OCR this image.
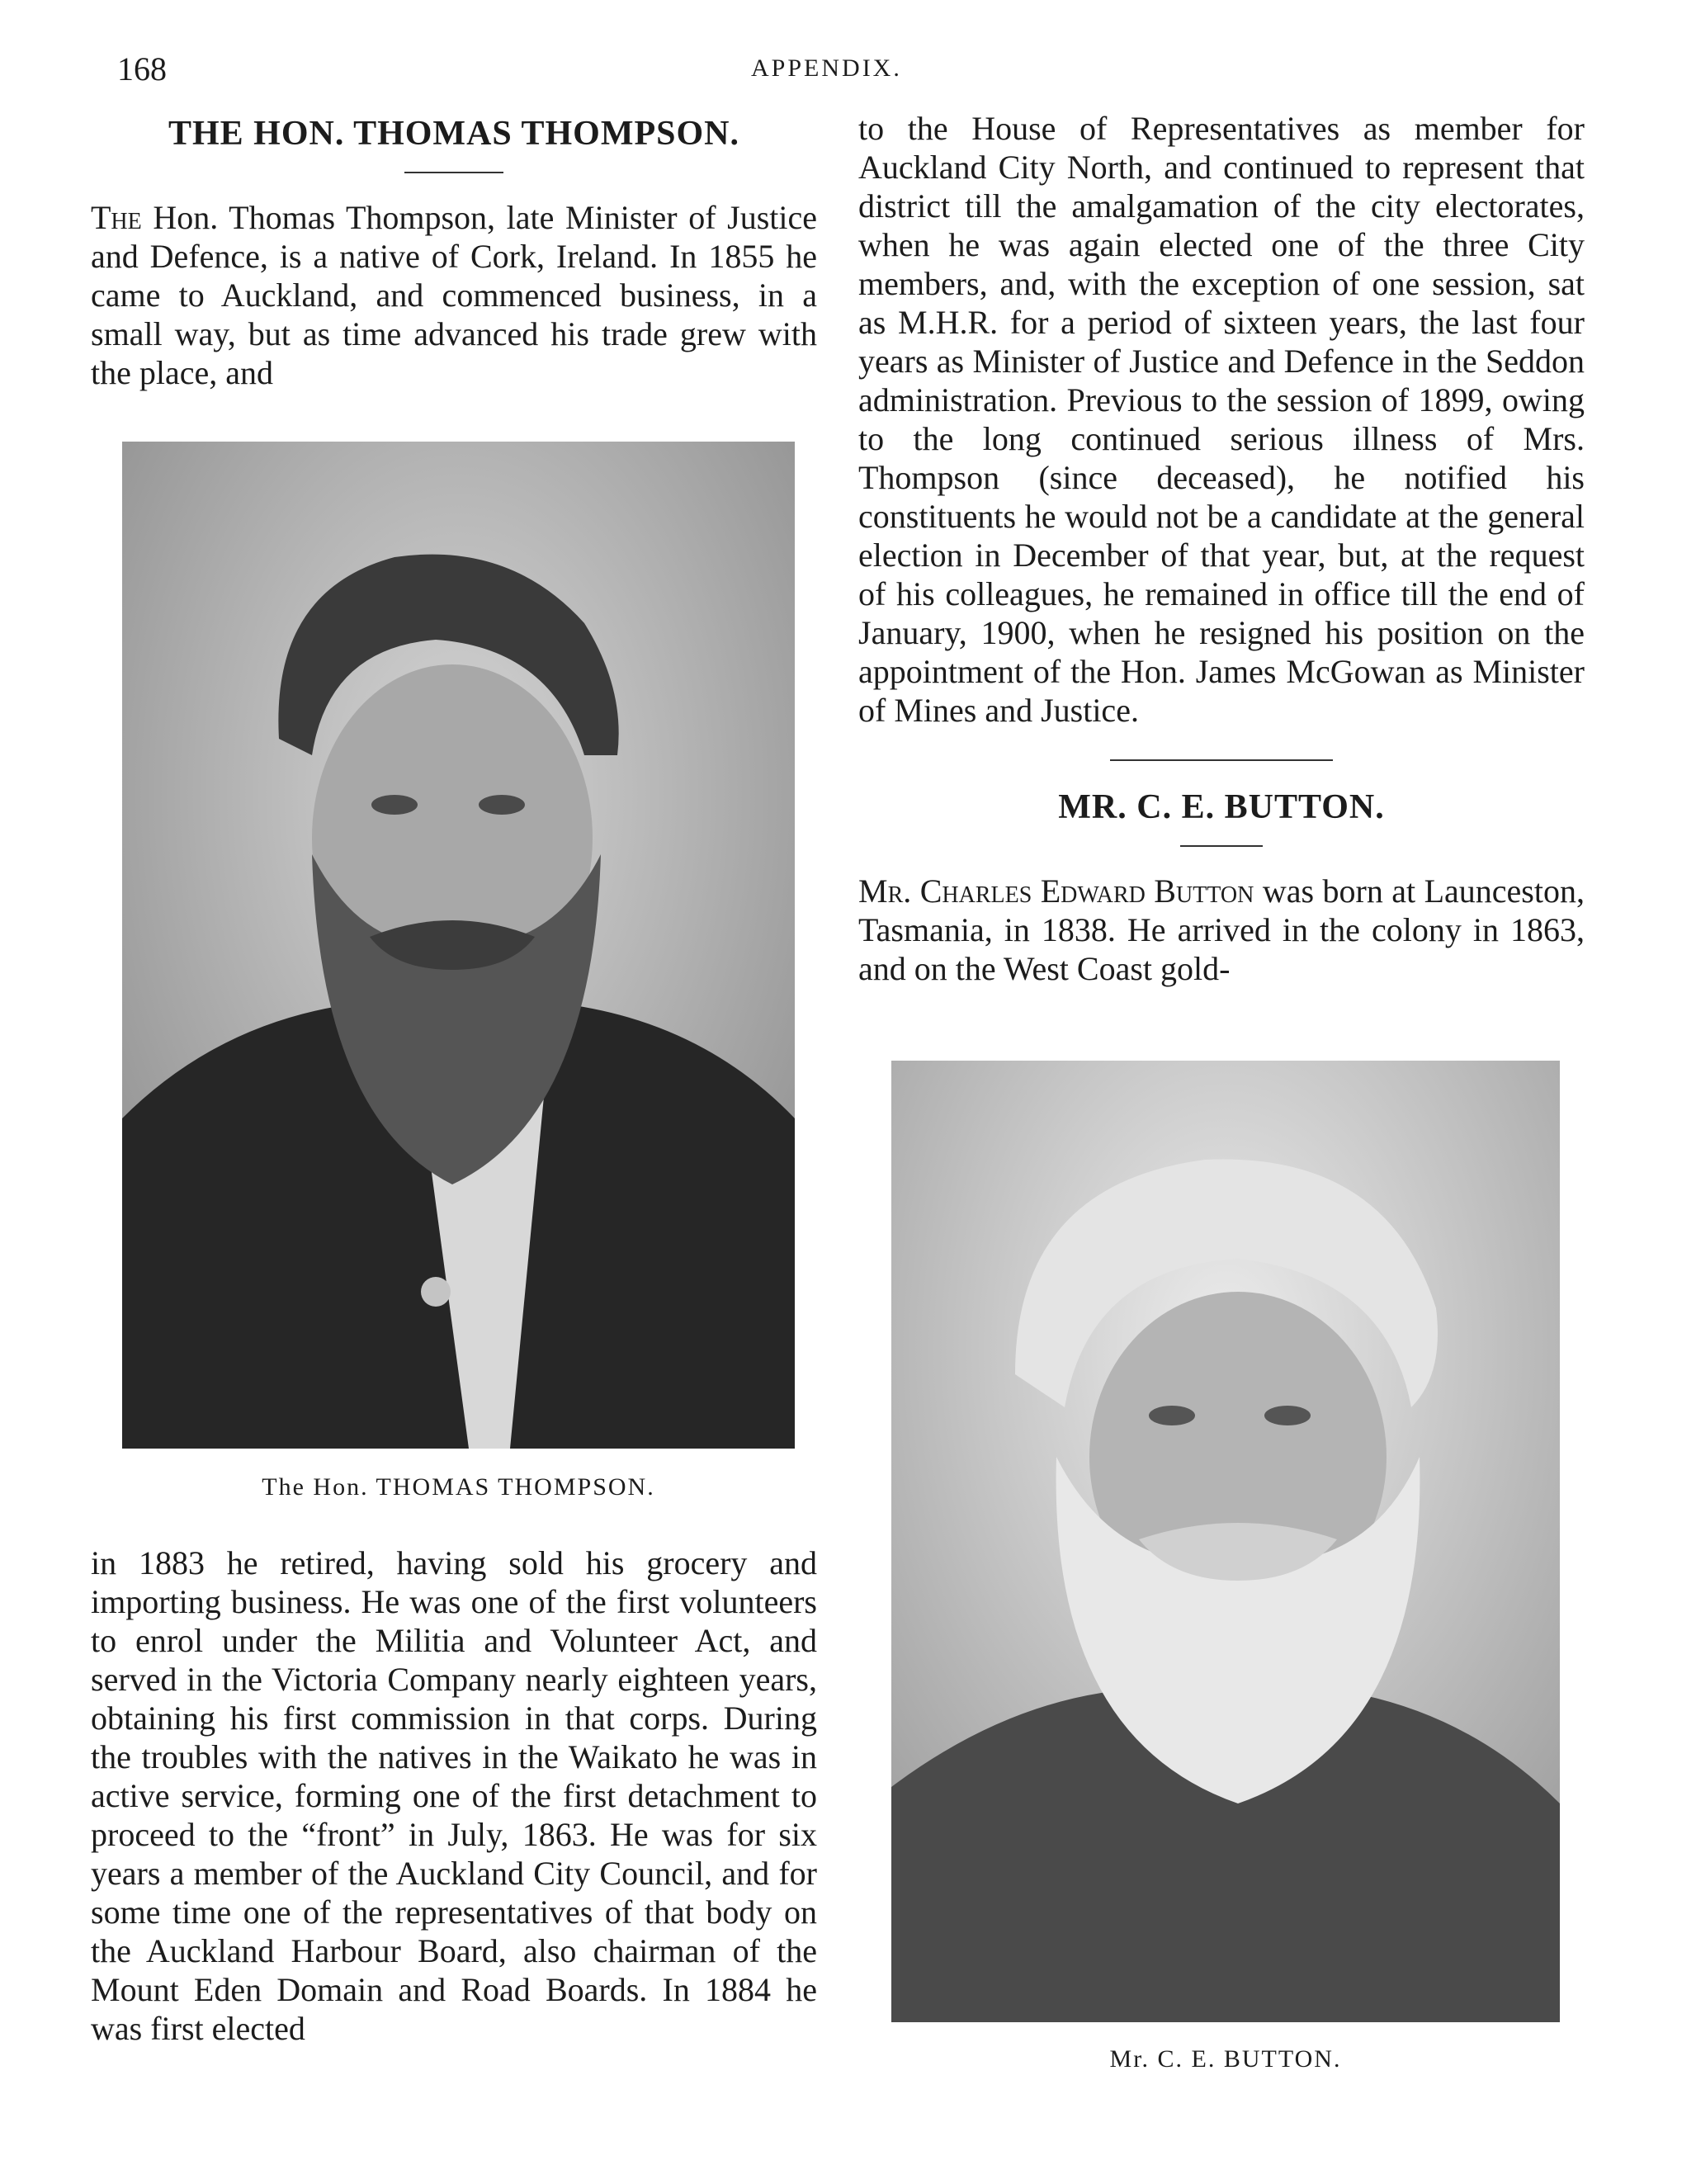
168	APPENDIX.
THE HON. THOMAS THOMPSON.

The Hon. Thomas Thompson, late Minister of Justice and Defence, is a native of Cork, Ireland. In 1855 he came to Auckland, and commenced business, in a small way, but as time advanced his trade grew with the place, and

The Hon. THOMAS THOMPSON.

in 1883 he retired, having sold his grocery and importing business. He was one of the first volunteers to enrol under the Militia and Volunteer Act, and served in the Victoria Company nearly eighteen years, obtaining his first commission in that corps. During the troubles with the natives in the Waikato he was in active service, forming one of the first detachment to proceed to the “front” in July, 1863. He was for six years a member of the Auckland City Council, and for some time one of the representatives of that body on the Auckland Harbour Board, also chairman of the Mount Eden Domain and Road Boards. In 1884 he was first elected

to the House of Representatives as member for Auckland City North, and continued to represent that district till the amalgamation of the city electorates, when he was again elected one of the three City members, and, with the exception of one session, sat as M.H.R. for a period of sixteen years, the last four years as Minister of Justice and Defence in the Seddon administration. Previous to the session of 1899, owing to the long continued serious illness of Mrs. Thompson (since deceased), he notified his constituents he would not be a candidate at the general election in December of that year, but, at the request of his colleagues, he remained in office till the end of January, 1900, when he resigned his position on the appointment of the Hon. James McGowan as Minister of Mines and Justice.

MR. C. E. BUTTON.

Mr. Charles Edward Button was born at Launceston, Tasmania, in 1838. He arrived in the colony in 1863, and on the West Coast gold-

Mr. C. E. BUTTON.
